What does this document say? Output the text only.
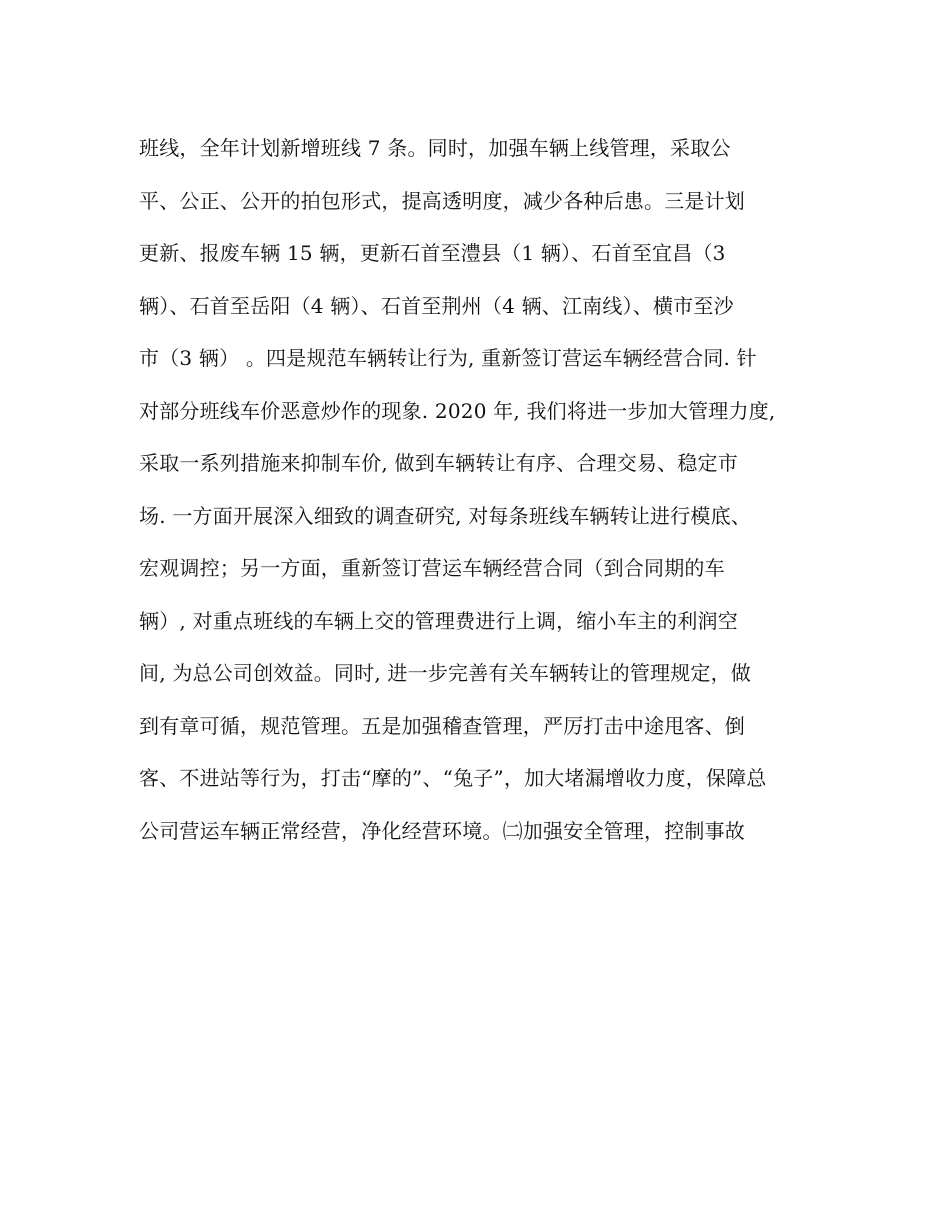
班线，全年计划新增班线 7 条。同时，加强车辆上线管理，采取公
平、公正、公开的拍包形式，提高透明度，减少各种后患。三是计划
更新、报废车辆 15 辆，更新石首至澧县（1 辆）、石首至宜昌（3
辆）、石首至岳阳（4 辆）、石首至荆州（4 辆、江南线）、横市至沙
市（3 辆） 。四是规范车辆转让行为, 重新签订营运车辆经营合同. 针
对部分班线车价恶意炒作的现象. 2020 年, 我们将进一步加大管理力度,
采取一系列措施来抑制车价, 做到车辆转让有序、合理交易、稳定市
场. 一方面开展深入细致的调查研究, 对每条班线车辆转让进行模底、
宏观调控；另一方面，重新签订营运车辆经营合同（到合同期的车
辆）, 对重点班线的车辆上交的管理费进行上调，缩小车主的利润空
间, 为总公司创效益。同时, 进一步完善有关车辆转让的管理规定，做
到有章可循，规范管理。五是加强稽查管理，严厉打击中途甩客、倒
客、不进站等行为，打击“摩的”、“兔子”，加大堵漏增收力度，保障总
公司营运车辆正常经营，净化经营环境。㈡加强安全管理，控制事故
